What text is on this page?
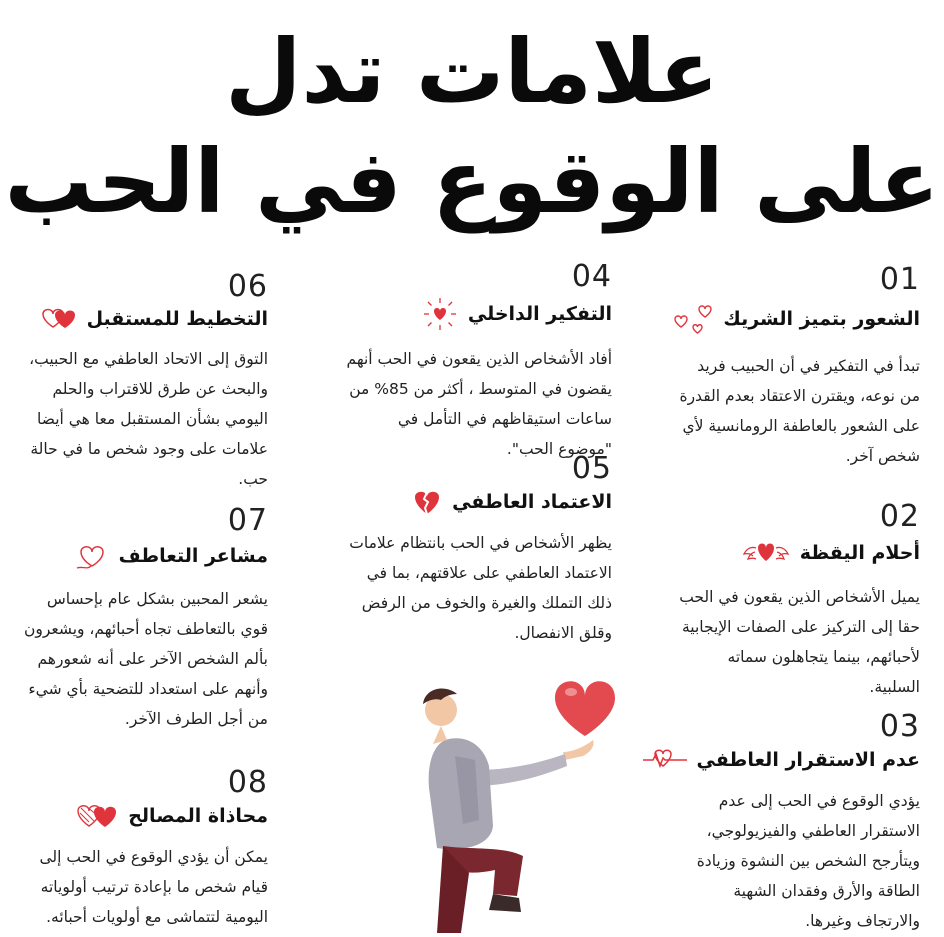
علامات تدل
على الوقوع في الحب
01
الشعور بتميز الشريك
تبدأ في التفكير في أن الحبيب فريد من نوعه، ويقترن الاعتقاد بعدم القدرة على الشعور بالعاطفة الرومانسية لأي شخص آخر.
02
أحلام اليقظة
يميل الأشخاص الذين يقعون في الحب حقا إلى التركيز على الصفات الإيجابية لأحبائهم، بينما يتجاهلون سماته السلبية.
03
عدم الاستقرار العاطفي
يؤدي الوقوع في الحب إلى عدم الاستقرار العاطفي والفيزيولوجي، ويتأرجح الشخص بين النشوة وزيادة الطاقة والأرق وفقدان الشهية والارتجاف وغيرها.
04
التفكير الداخلي
أفاد الأشخاص الذين يقعون في الحب أنهم يقضون في المتوسط ، أكثر من 85% من ساعات استيقاظهم في التأمل في "موضوع الحب".
05
الاعتماد العاطفي
يظهر الأشخاص في الحب بانتظام علامات الاعتماد العاطفي على علاقتهم، بما في ذلك التملك والغيرة والخوف من الرفض وقلق الانفصال.
06
التخطيط للمستقبل
التوق إلى الاتحاد العاطفي مع الحبيب، والبحث عن طرق للاقتراب والحلم اليومي بشأن المستقبل معا هي أيضا علامات على وجود شخص ما في حالة حب.
07
مشاعر التعاطف
يشعر المحبين بشكل عام بإحساس قوي بالتعاطف تجاه أحبائهم، ويشعرون بألم الشخص الآخر على أنه شعورهم وأنهم على استعداد للتضحية بأي شيء من أجل الطرف الآخر.
08
محاذاة المصالح
يمكن أن يؤدي الوقوع في الحب إلى قيام شخص ما بإعادة ترتيب أولوياته اليومية لتتماشى مع أولويات أحبائه.
